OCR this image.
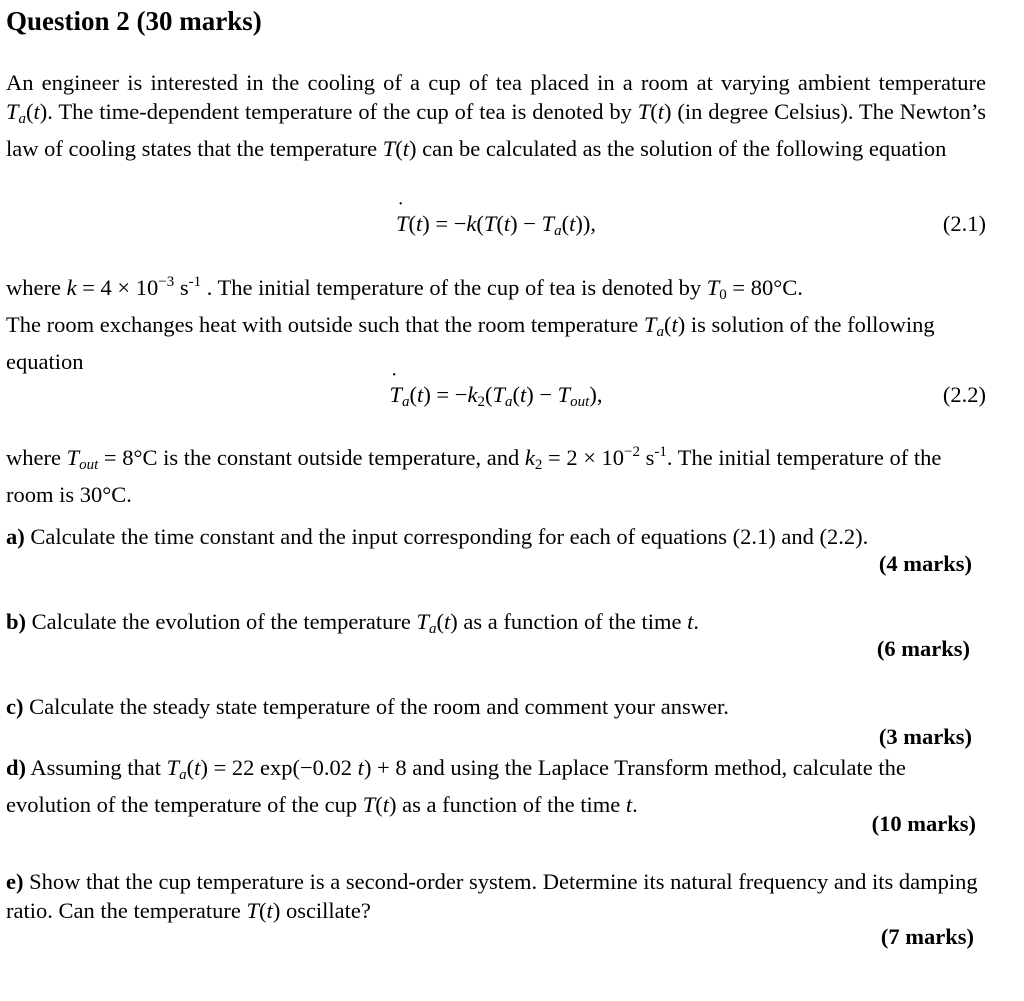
Question 2 (30 marks)

An engineer is interested in the cooling of a cup of tea placed in a room at varying ambient temperature $T_a(t)$. The time-dependent temperature of the cup of tea is denoted by T(t) (in degree Celsius). The Newton’s law of cooling states that the temperature T(t) can be calculated as the solution of the following equation

˙ $T(t) = -k(T(t) - T_a(t))$,	(2.1)

where $k = 4 \times 10^{-3}$ $s^{-1}$ . The initial temperature of the cup of tea is denoted by T0 = 80°C.
The room exchanges heat with outside such that the room temperature $T_a(t)$ is solution of the following equation

˙ $T_a(t) = -k2(T_a(t) - T_{out})$,	(2.2)

where $T_{out} = 8^\circ C$ is the constant outside temperature, and $k2 = 2 \times 10^{-2}$ $s^{-1}$. The initial temperature of the room is 30°C.

a) Calculate the time constant and the input corresponding for each of equations (2.1) and (2.2).

(4 marks)

b) Calculate the evolution of the temperature $T_a(t)$ as a function of the time t.

(6 marks)

c) Calculate the steady state temperature of the room and comment your answer.

(3 marks)

d) Assuming that $T_a(t) = 22$ exp(−0.02 t) + 8 and using the Laplace Transform method, calculate the evolution of the temperature of the cup T(t) as a function of the time t.

(10 marks)

e) Show that the cup temperature is a second-order system. Determine its natural frequency and its damping ratio. Can the temperature T(t) oscillate?

(7 marks)
